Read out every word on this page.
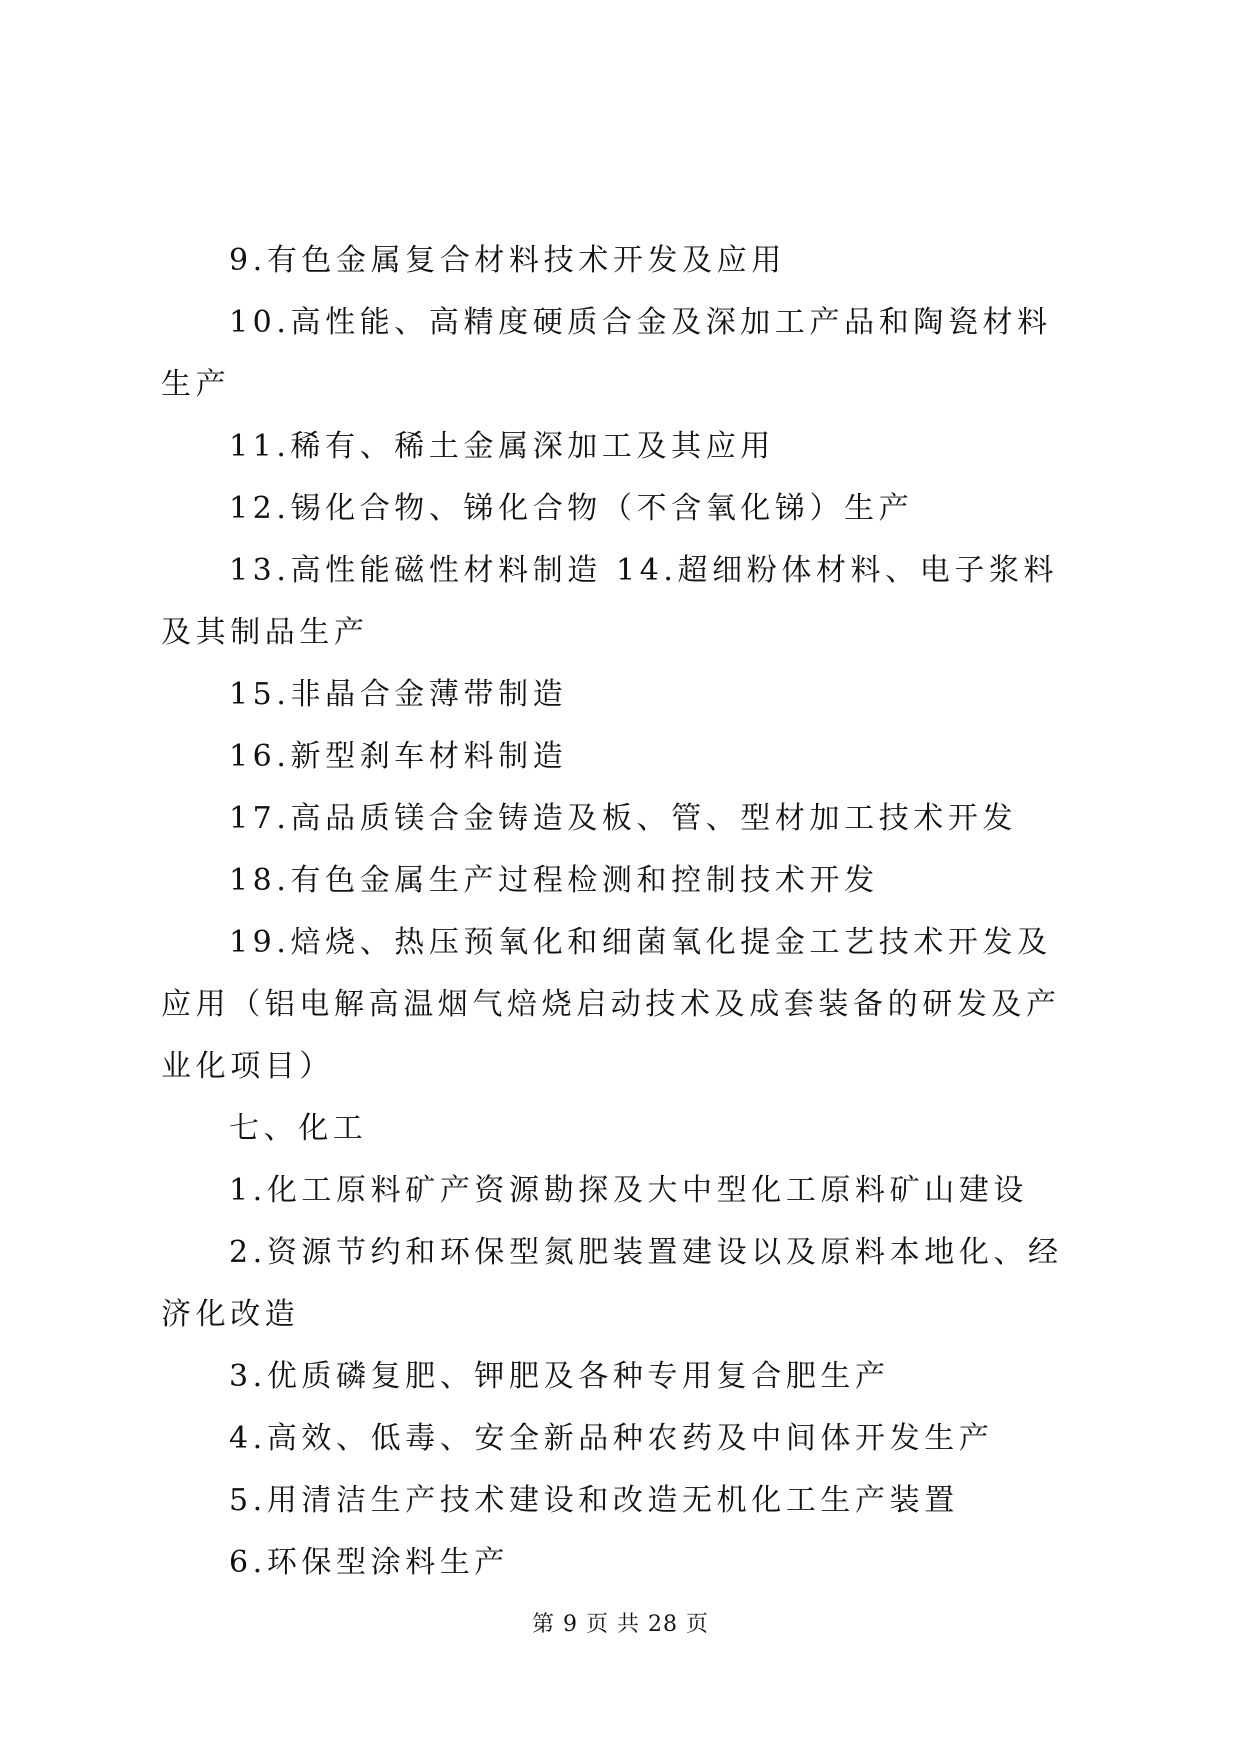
9.有色金属复合材料技术开发及应用

10.高性能、高精度硬质合金及深加工产品和陶瓷材料生产

11.稀有、稀土金属深加工及其应用

12.锡化合物、锑化合物（不含氧化锑）生产

13.高性能磁性材料制造 14.超细粉体材料、电子浆料及其制品生产

15.非晶合金薄带制造

16.新型刹车材料制造

17.高品质镁合金铸造及板、管、型材加工技术开发

18.有色金属生产过程检测和控制技术开发

19.焙烧、热压预氧化和细菌氧化提金工艺技术开发及应用（铝电解高温烟气焙烧启动技术及成套装备的研发及产业化项目）

七、化工

1.化工原料矿产资源勘探及大中型化工原料矿山建设

2.资源节约和环保型氮肥装置建设以及原料本地化、经济化改造

3.优质磷复肥、钾肥及各种专用复合肥生产

4.高效、低毒、安全新品种农药及中间体开发生产

5.用清洁生产技术建设和改造无机化工生产装置

6.环保型涂料生产

第 9 页 共 28 页
